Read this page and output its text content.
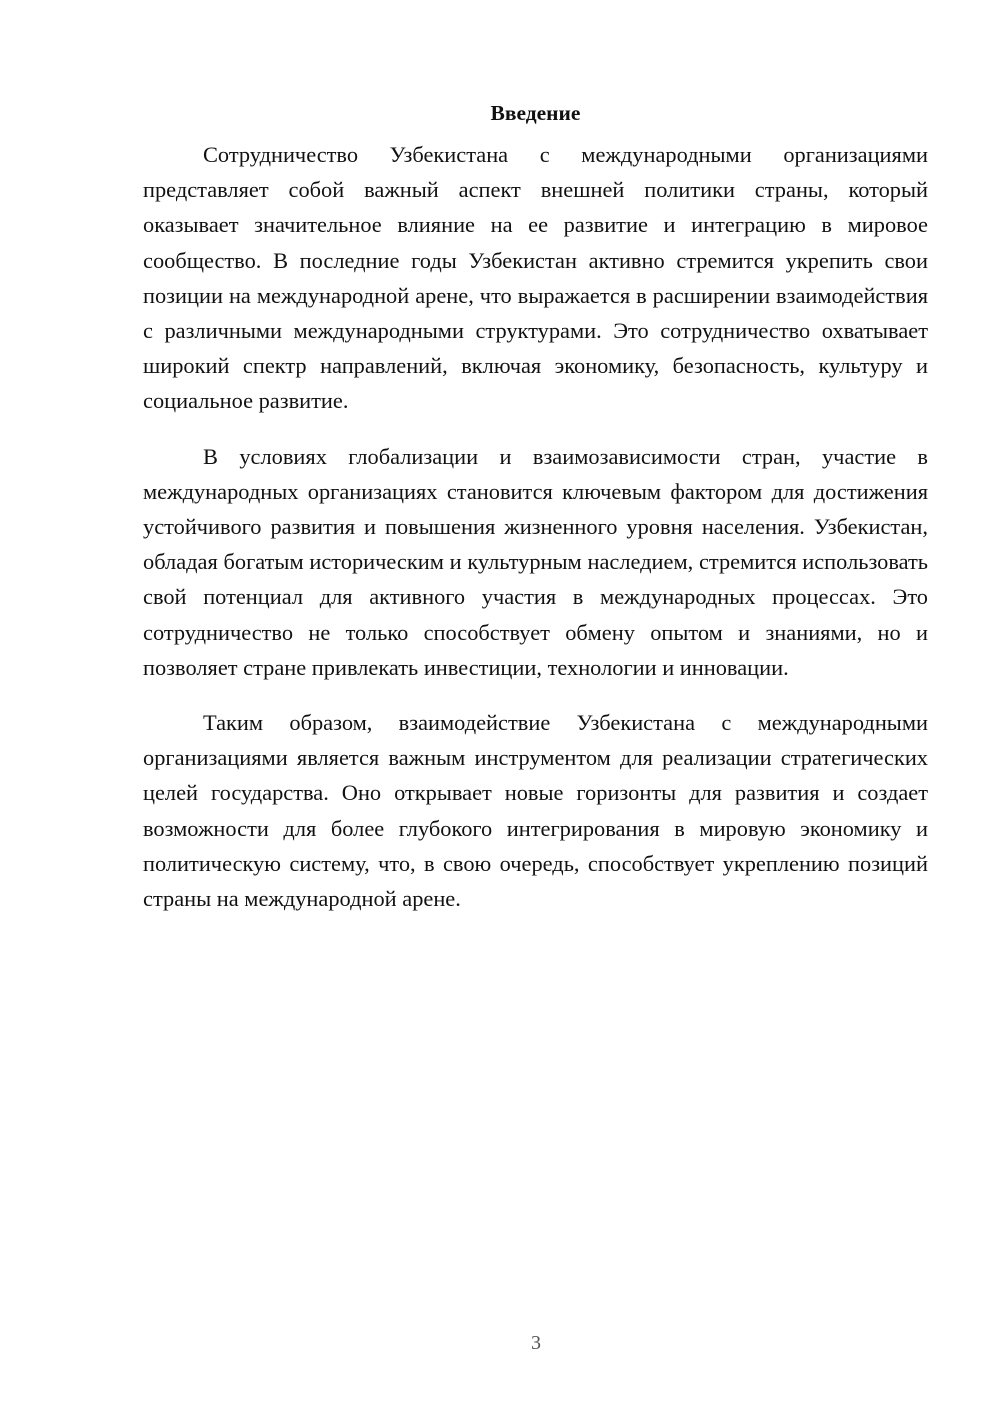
Введение

Сотрудничество Узбекистана с международными организациями представляет собой важный аспект внешней политики страны, который оказывает значительное влияние на ее развитие и интеграцию в мировое сообщество. В последние годы Узбекистан активно стремится укрепить свои позиции на международной арене, что выражается в расширении взаимодействия с различными международными структурами. Это сотрудничество охватывает широкий спектр направлений, включая экономику, безопасность, культуру и социальное развитие.

В условиях глобализации и взаимозависимости стран, участие в международных организациях становится ключевым фактором для достижения устойчивого развития и повышения жизненного уровня населения. Узбекистан, обладая богатым историческим и культурным наследием, стремится использовать свой потенциал для активного участия в международных процессах. Это сотрудничество не только способствует обмену опытом и знаниями, но и позволяет стране привлекать инвестиции, технологии и инновации.

Таким образом, взаимодействие Узбекистана с международными организациями является важным инструментом для реализации стратегических целей государства. Оно открывает новые горизонты для развития и создает возможности для более глубокого интегрирования в мировую экономику и политическую систему, что, в свою очередь, способствует укреплению позиций страны на международной арене.

3
